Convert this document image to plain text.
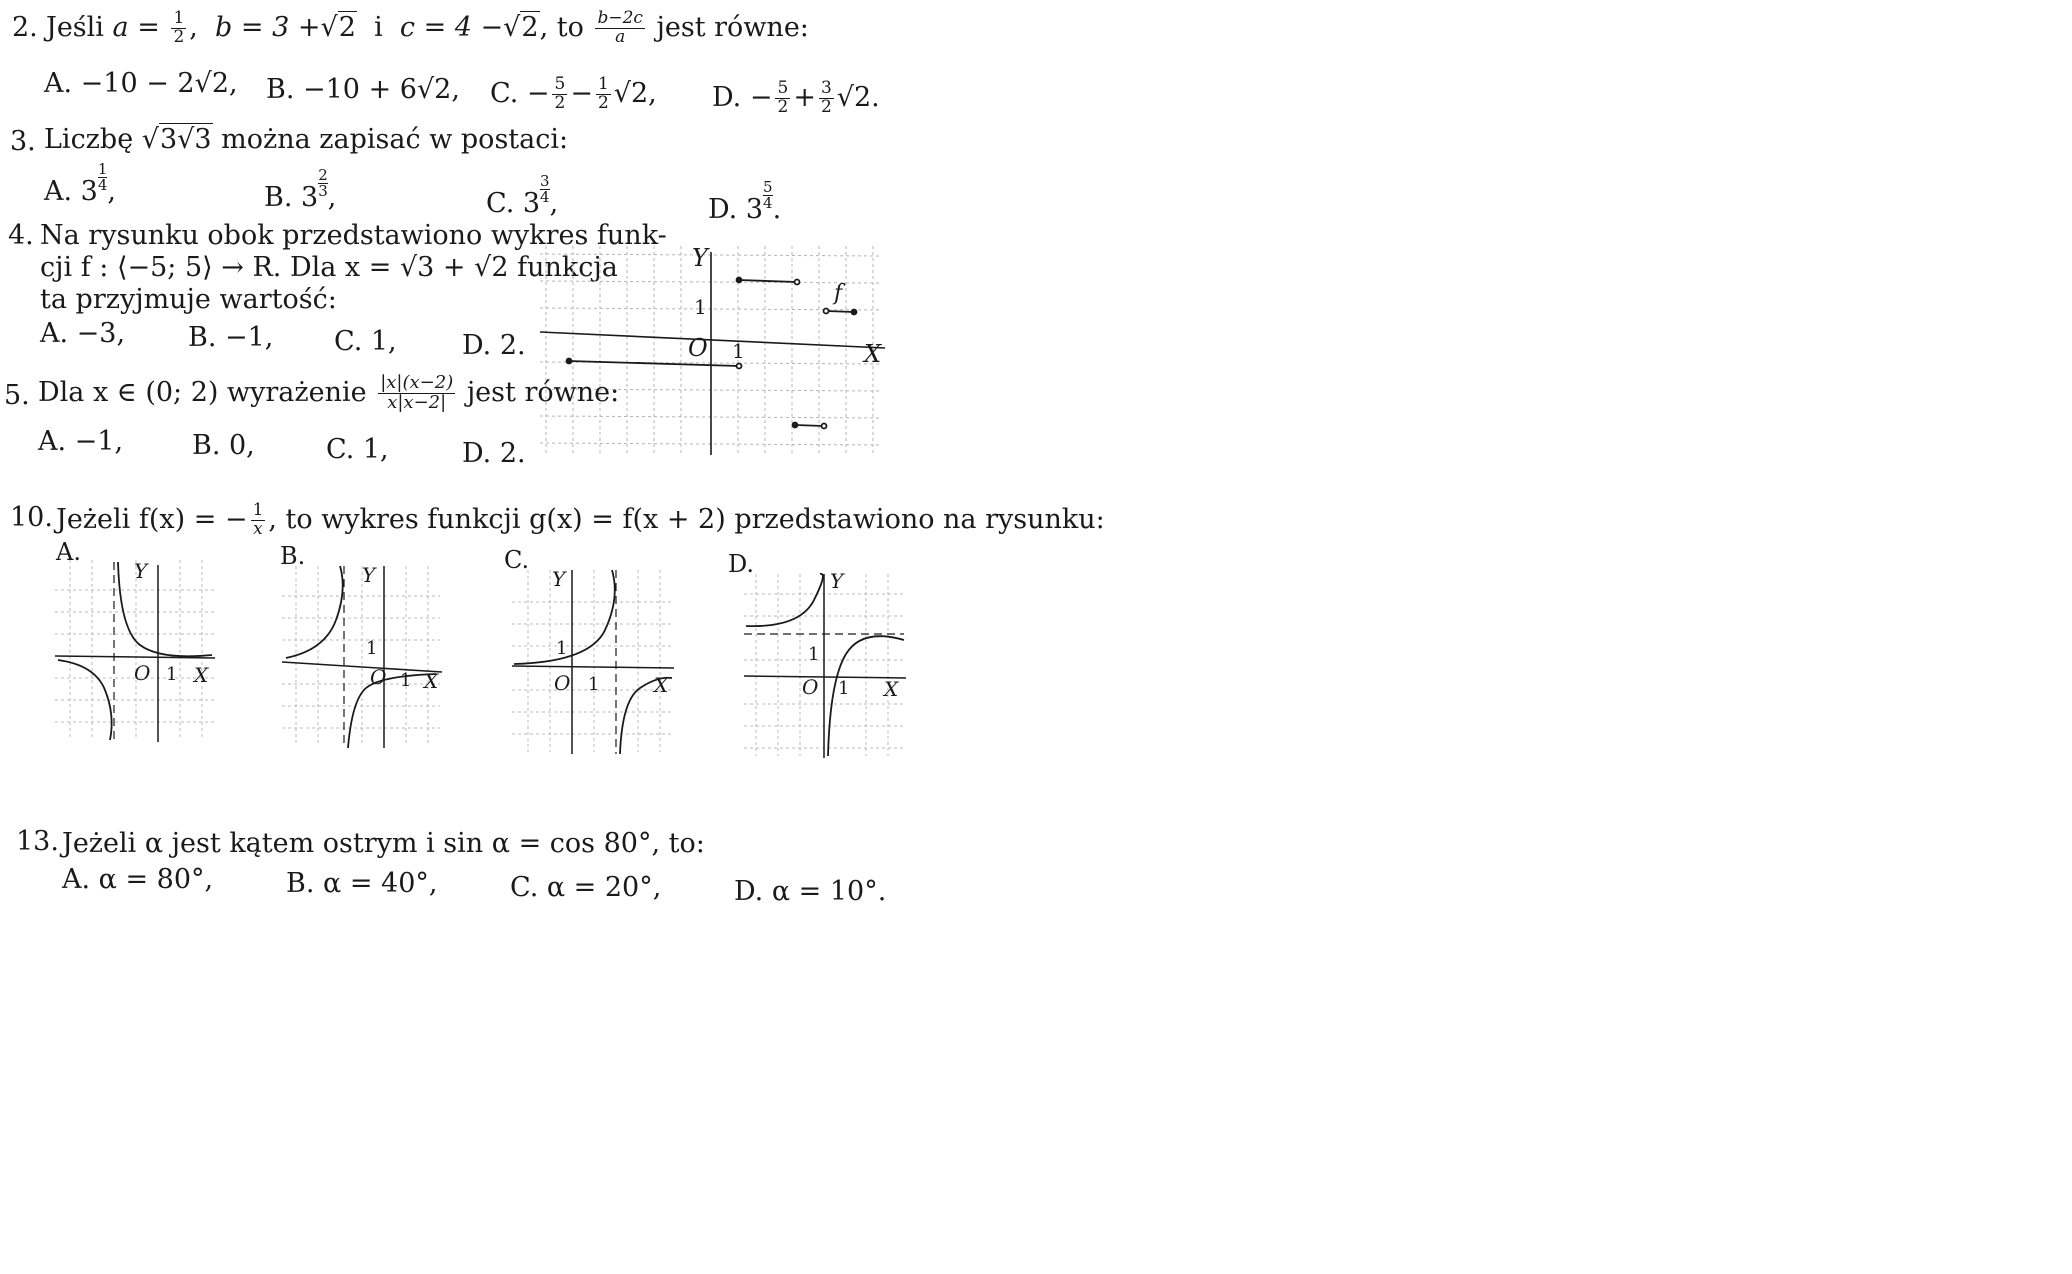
2. Jeśli $a = \frac{1}{2}$ ,  b = 3 +√2 i c = 4 −√2, to $\frac{b-2c}{a}$ jest równe:
A. −10 − 2√2, B. −10 + 6√2, C. − $\frac{5}{2} - \frac{1}{2} √2$, D. − $\frac{5}{2} + \frac{3}{2} √2$.
3. Liczbę √3√3 można zapisać w postaci:
A. $3 \frac{1}{4}$ ,	B. $3 \frac{2}{3}$ ,	C. $3 \frac{3}{4}$ ,	D. $3 \frac{5}{4}$ .
4. Na rysunku obok przedstawiono wykres funk-
cji f : ⟨−5; 5⟩ → R. Dla x = √3 + √2 funkcja
ta przyjmuje wartość:
A. −3, B. −1, C. 1, D. 2.
Y
X
O 1
1
f
5. Dla x ∈ (0; 2) wyrażenie $\frac{|x|(x-2)}{x|x-2|}$ jest równe:
A. −1,	B. 0,	C. 1,	D. 2.
10. Jeżeli f(x) = − $\frac{1}{x}$ , to wykres funkcji g(x) = f(x + 2) przedstawiono na rysunku:
A.	B.	C.	D.
Y
O 1 X
Y
O
1
1 X
Y
O
1
1	X
Y
O
1
1 X
13. Jeżeli α jest kątem ostrym i sin α = cos 80°, to:
A. α = 80°,	B. α = 40°,	C. α = 20°,	D. α = 10°.
